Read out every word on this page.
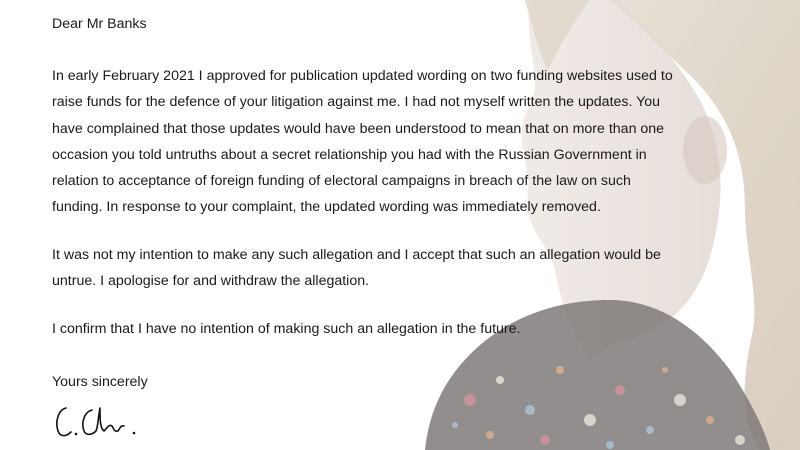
Dear Mr Banks

In early February 2021 I approved for publication updated wording on two funding websites used to
raise funds for the defence of your litigation against me. I had not myself written the updates. You
have complained that those updates would have been understood to mean that on more than one
occasion you told untruths about a secret relationship you had with the Russian Government in
relation to acceptance of foreign funding of electoral campaigns in breach of the law on such
funding. In response to your complaint, the updated wording was immediately removed.

It was not my intention to make any such allegation and I accept that such an allegation would be
untrue. I apologise for and withdraw the allegation.

I confirm that I have no intention of making such an allegation in the future.

Yours sincerely
